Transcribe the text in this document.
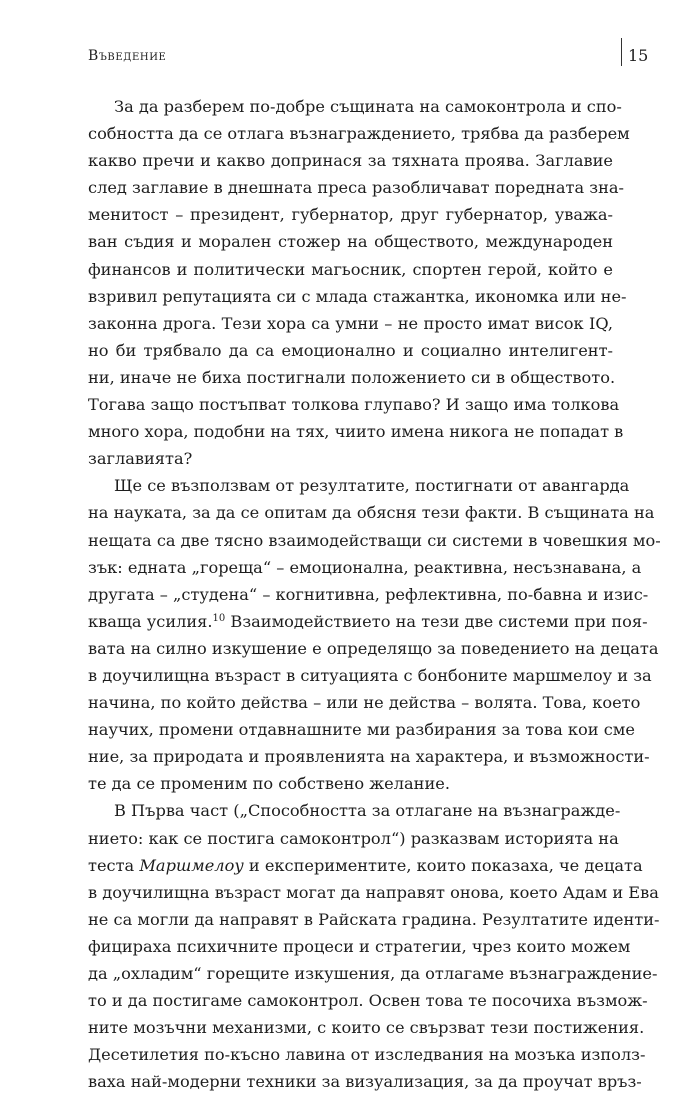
Въведение	15
За да разберем по-добре същината на самоконтрола и спо-
собността да се отлага възнаграждението, трябва да разберем
какво пречи и какво допринася за тяхната проява. Заглавие
след заглавие в днешната преса разобличават поредната зна-
менитост – президент, губернатор, друг губернатор, уважа-
ван съдия и морален стожер на обществото, международен
финансов и политически магьосник, спортен герой, който е
взривил репутацията си с млада стажантка, икономка или не-
законна дрога. Тези хора са умни – не просто имат висок IQ,
но би трябвало да са емоционално и социално интелигент-
ни, иначе не биха постигнали положението си в обществото.
Тогава защо постъпват толкова глупаво? И защо има толкова
много хора, подобни на тях, чиито имена никога не попадат в
заглавията?
Ще се възползвам от резултатите, постигнати от авангарда
на науката, за да се опитам да обясня тези факти. В същината на
нещата са две тясно взаимодействащи си системи в човешкия мо-
зък: едната „гореща“ – емоционална, реактивна, несъзнавана, а
другата – „студена“ – когнитивна, рефлективна, по-бавна и изис-
кваща усилия.$^{10}$ Взаимодействието на тези две системи при поя-
вата на силно изкушение е определящо за поведението на децата
в доучилищна възраст в ситуацията с бонбоните маршмелоу и за
начина, по който действа – или не действа – волята. Това, което
научих, промени отдавнашните ми разбирания за това кои сме
ние, за природата и проявленията на характера, и възможности-
те да се променим по собствено желание.
В Първа част („Способността за отлагане на възнагражде-
нието: как се постига самоконтрол“) разказвам историята на
теста Маршмелоу и експериментите, които показаха, че децата
в доучилищна възраст могат да направят онова, което Адам и Ева
не са могли да направят в Райската градина. Резултатите иденти-
фицираха психичните процеси и стратегии, чрез които можем
да „охладим“ горещите изкушения, да отлагаме възнаграждение-
то и да постигаме самоконтрол. Освен това те посочиха възмож-
ните мозъчни механизми, с които се свързват тези постижения.
Десетилетия по-късно лавина от изследвания на мозъка използ-
ваха най-модерни техники за визуализация, за да проучат връз-
